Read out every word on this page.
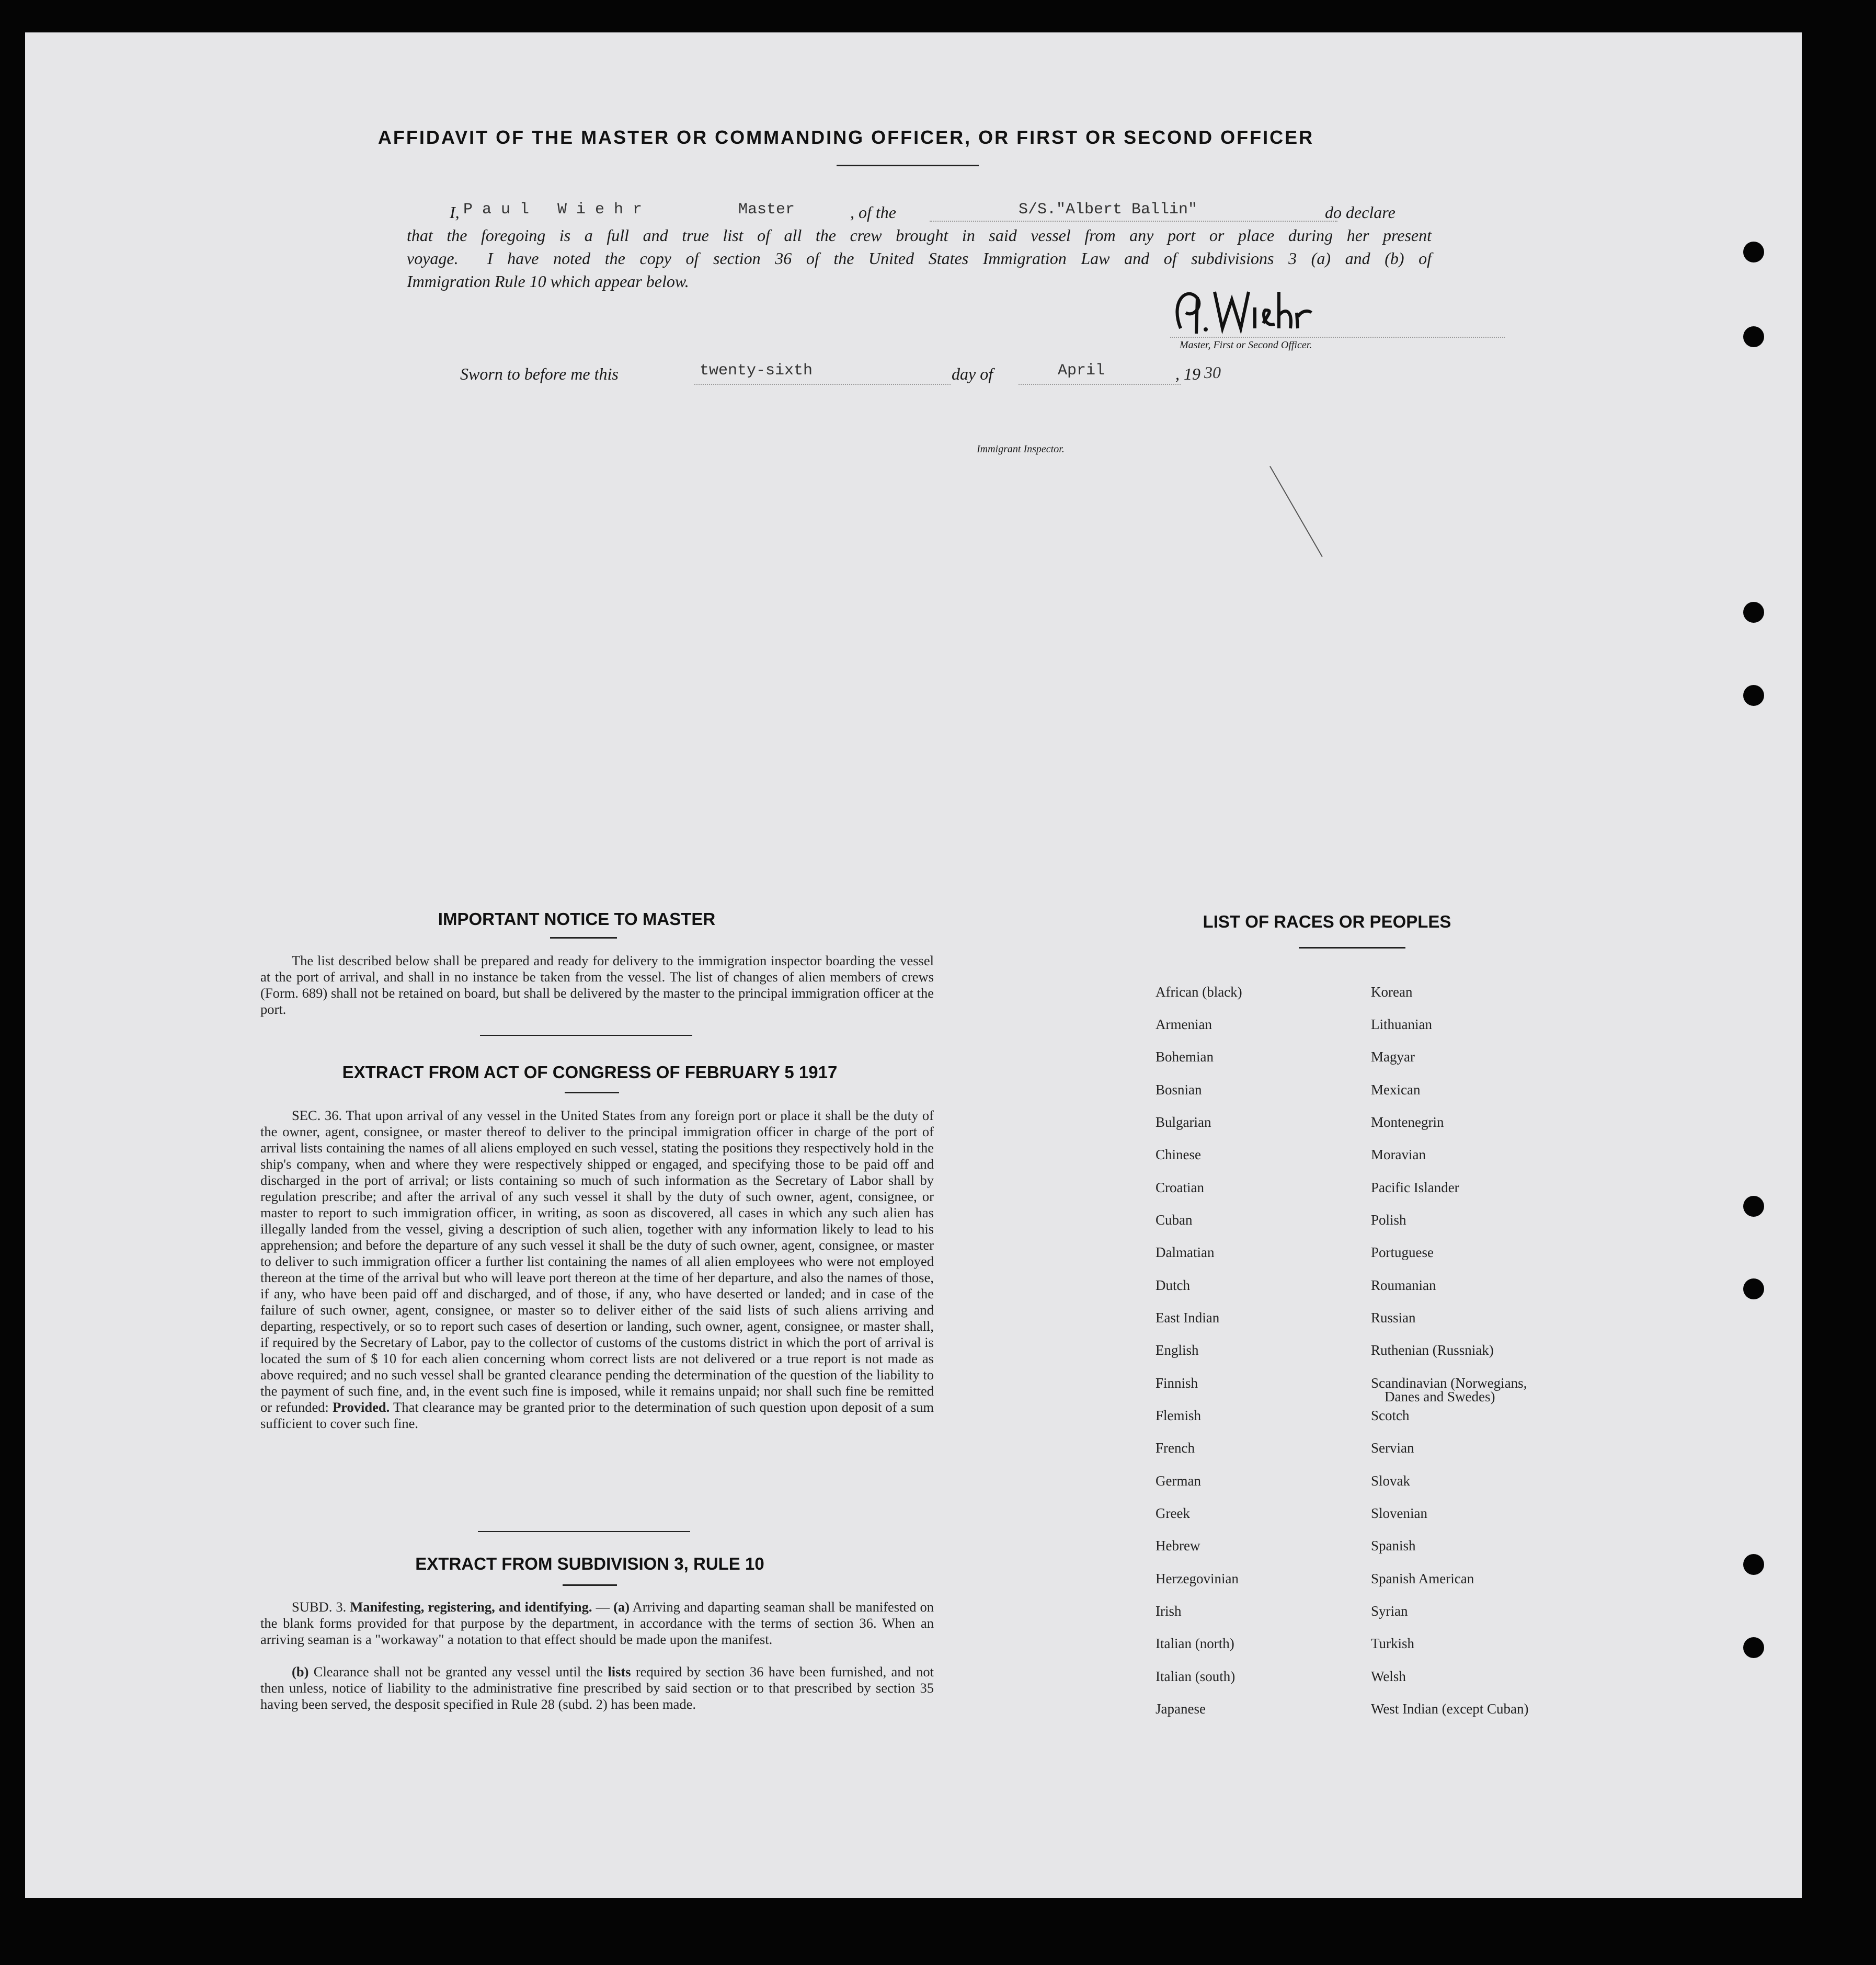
AFFIDAVIT OF THE MASTER OR COMMANDING OFFICER, OR FIRST OR SECOND OFFICER
I, P a u l   W i e h r	Master	, of the	S/S."Albert Ballin"	do declare
that the foregoing is a full and true list of all the crew brought in said vessel from any port or place during her present
voyage.  I have noted the copy of section 36 of the United States Immigration Law and of subdivisions 3 (a) and (b) of
Immigration Rule 10 which appear below.
Master, First or Second Officer.
Sworn to before me this	twenty-sixth	day of	April	, 19 30
Immigrant Inspector.
IMPORTANT NOTICE TO MASTER
The list described below shall be prepared and ready for delivery to the immigration inspector boarding the vessel at the port of arrival, and shall in no instance be taken from the vessel. The list of changes of alien members of crews (Form. 689) shall not be retained on board, but shall be delivered by the master to the principal immigration officer at the port.
EXTRACT FROM ACT OF CONGRESS OF FEBRUARY 5 1917
SEC. 36. That upon arrival of any vessel in the United States from any foreign port or place it shall be the duty of the owner, agent, consignee, or master thereof to deliver to the principal immigration officer in charge of the port of arrival lists containing the names of all aliens employed en such vessel, stating the positions they respectively hold in the ship's company, when and where they were respectively shipped or engaged, and specifying those to be paid off and discharged in the port of arrival; or lists containing so much of such information as the Secretary of Labor shall by regulation prescribe; and after the arrival of any such vessel it shall by the duty of such owner, agent, consignee, or master to report to such immigration officer, in writing, as soon as discovered, all cases in which any such alien has illegally landed from the vessel, giving a description of such alien, together with any information likely to lead to his apprehension; and before the departure of any such vessel it shall be the duty of such owner, agent, consignee, or master to deliver to such immigration officer a further list containing the names of all alien employees who were not employed thereon at the time of the arrival but who will leave port thereon at the time of her departure, and also the names of those, if any, who have been paid off and discharged, and of those, if any, who have deserted or landed; and in case of the failure of such owner, agent, consignee, or master so to deliver either of the said lists of such aliens arriving and departing, respectively, or so to report such cases of desertion or landing, such owner, agent, consignee, or master shall, if required by the Secretary of Labor, pay to the collector of customs of the customs district in which the port of arrival is located the sum of $ 10 for each alien concerning whom correct lists are not delivered or a true report is not made as above required; and no such vessel shall be granted clearance pending the determination of the question of the liability to the payment of such fine, and, in the event such fine is imposed, while it remains unpaid; nor shall such fine be remitted or refunded: Provided. That clearance may be granted prior to the determination of such question upon deposit of a sum sufficient to cover such fine.
EXTRACT FROM SUBDIVISION 3, RULE 10
SUBD. 3. Manifesting, registering, and identifying. — (a) Arriving and daparting seaman shall be manifested on the blank forms provided for that purpose by the department, in accordance with the terms of section 36. When an arriving seaman is a "workaway" a notation to that effect should be made upon the manifest.
(b) Clearance shall not be granted any vessel until the lists required by section 36 have been furnished, and not then unless, notice of liability to the administrative fine prescribed by said section or to that prescribed by section 35 having been served, the desposit specified in Rule 28 (subd. 2) has been made.
LIST OF RACES OR PEOPLES
African (black)
Armenian
Bohemian
Bosnian
Bulgarian
Chinese
Croatian
Cuban
Dalmatian
Dutch
East Indian
English
Finnish
Flemish
French
German
Greek
Hebrew
Herzegovinian
Irish
Italian (north)
Italian (south)
Japanese
Korean
Lithuanian
Magyar
Mexican
Montenegrin
Moravian
Pacific Islander
Polish
Portuguese
Roumanian
Russian
Ruthenian (Russniak)
Scandinavian (Norwegians,
Danes and Swedes)
Scotch
Servian
Slovak
Slovenian
Spanish
Spanish American
Syrian
Turkish
Welsh
West Indian (except Cuban)
